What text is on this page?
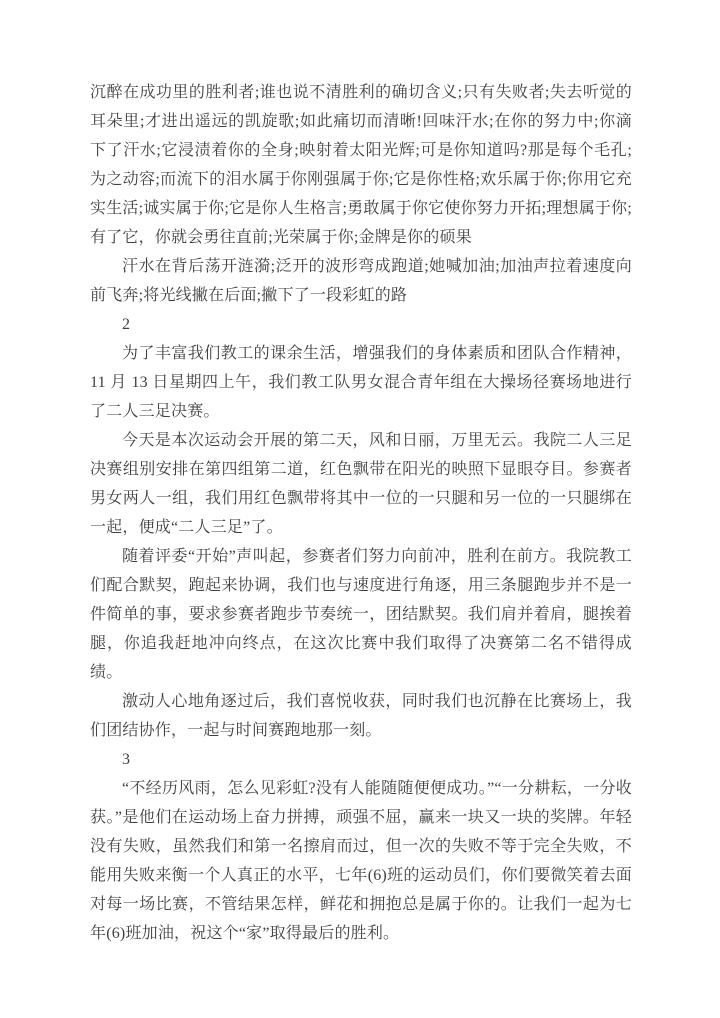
沉醉在成功里的胜利者;谁也说不清胜利的确切含义;只有失败者;失去听觉的耳朵里;才进出遥远的凯旋歌;如此痛切而清晰!回味汗水;在你的努力中;你滴下了汗水;它浸渍着你的全身;映射着太阳光辉;可是你知道吗?那是每个毛孔;为之动容;而流下的泪水属于你刚强属于你;它是你性格;欢乐属于你;你用它充实生活;诚实属于你;它是你人生格言;勇敢属于你它使你努力开拓;理想属于你;有了它，你就会勇往直前;光荣属于你;金牌是你的硕果

汗水在背后荡开涟漪;泛开的波形弯成跑道;她喊加油;加油声拉着速度向前飞奔;将光线撇在后面;撇下了一段彩虹的路

2

为了丰富我们教工的课余生活，增强我们的身体素质和团队合作精神，11 月 13 日星期四上午，我们教工队男女混合青年组在大操场径赛场地进行了二人三足决赛。

今天是本次运动会开展的第二天，风和日丽，万里无云。我院二人三足决赛组别安排在第四组第二道，红色飘带在阳光的映照下显眼夺目。参赛者男女两人一组，我们用红色飘带将其中一位的一只腿和另一位的一只腿绑在一起，便成“二人三足”了。

随着评委“开始”声叫起，参赛者们努力向前冲，胜利在前方。我院教工们配合默契，跑起来协调，我们也与速度进行角逐，用三条腿跑步并不是一件简单的事，要求参赛者跑步节奏统一，团结默契。我们肩并着肩，腿挨着腿，你追我赶地冲向终点，在这次比赛中我们取得了决赛第二名不错得成绩。

激动人心地角逐过后，我们喜悦收获，同时我们也沉静在比赛场上，我们团结协作，一起与时间赛跑地那一刻。

3

“不经历风雨，怎么见彩虹?没有人能随随便便成功。”“一分耕耘，一分收获。”是他们在运动场上奋力拼搏，顽强不屈，赢来一块又一块的奖牌。年轻没有失败，虽然我们和第一名擦肩而过，但一次的失败不等于完全失败，不能用失败来衡一个人真正的水平，七年(6)班的运动员们，你们要微笑着去面对每一场比赛，不管结果怎样，鲜花和拥抱总是属于你的。让我们一起为七年(6)班加油，祝这个“家”取得最后的胜利。
